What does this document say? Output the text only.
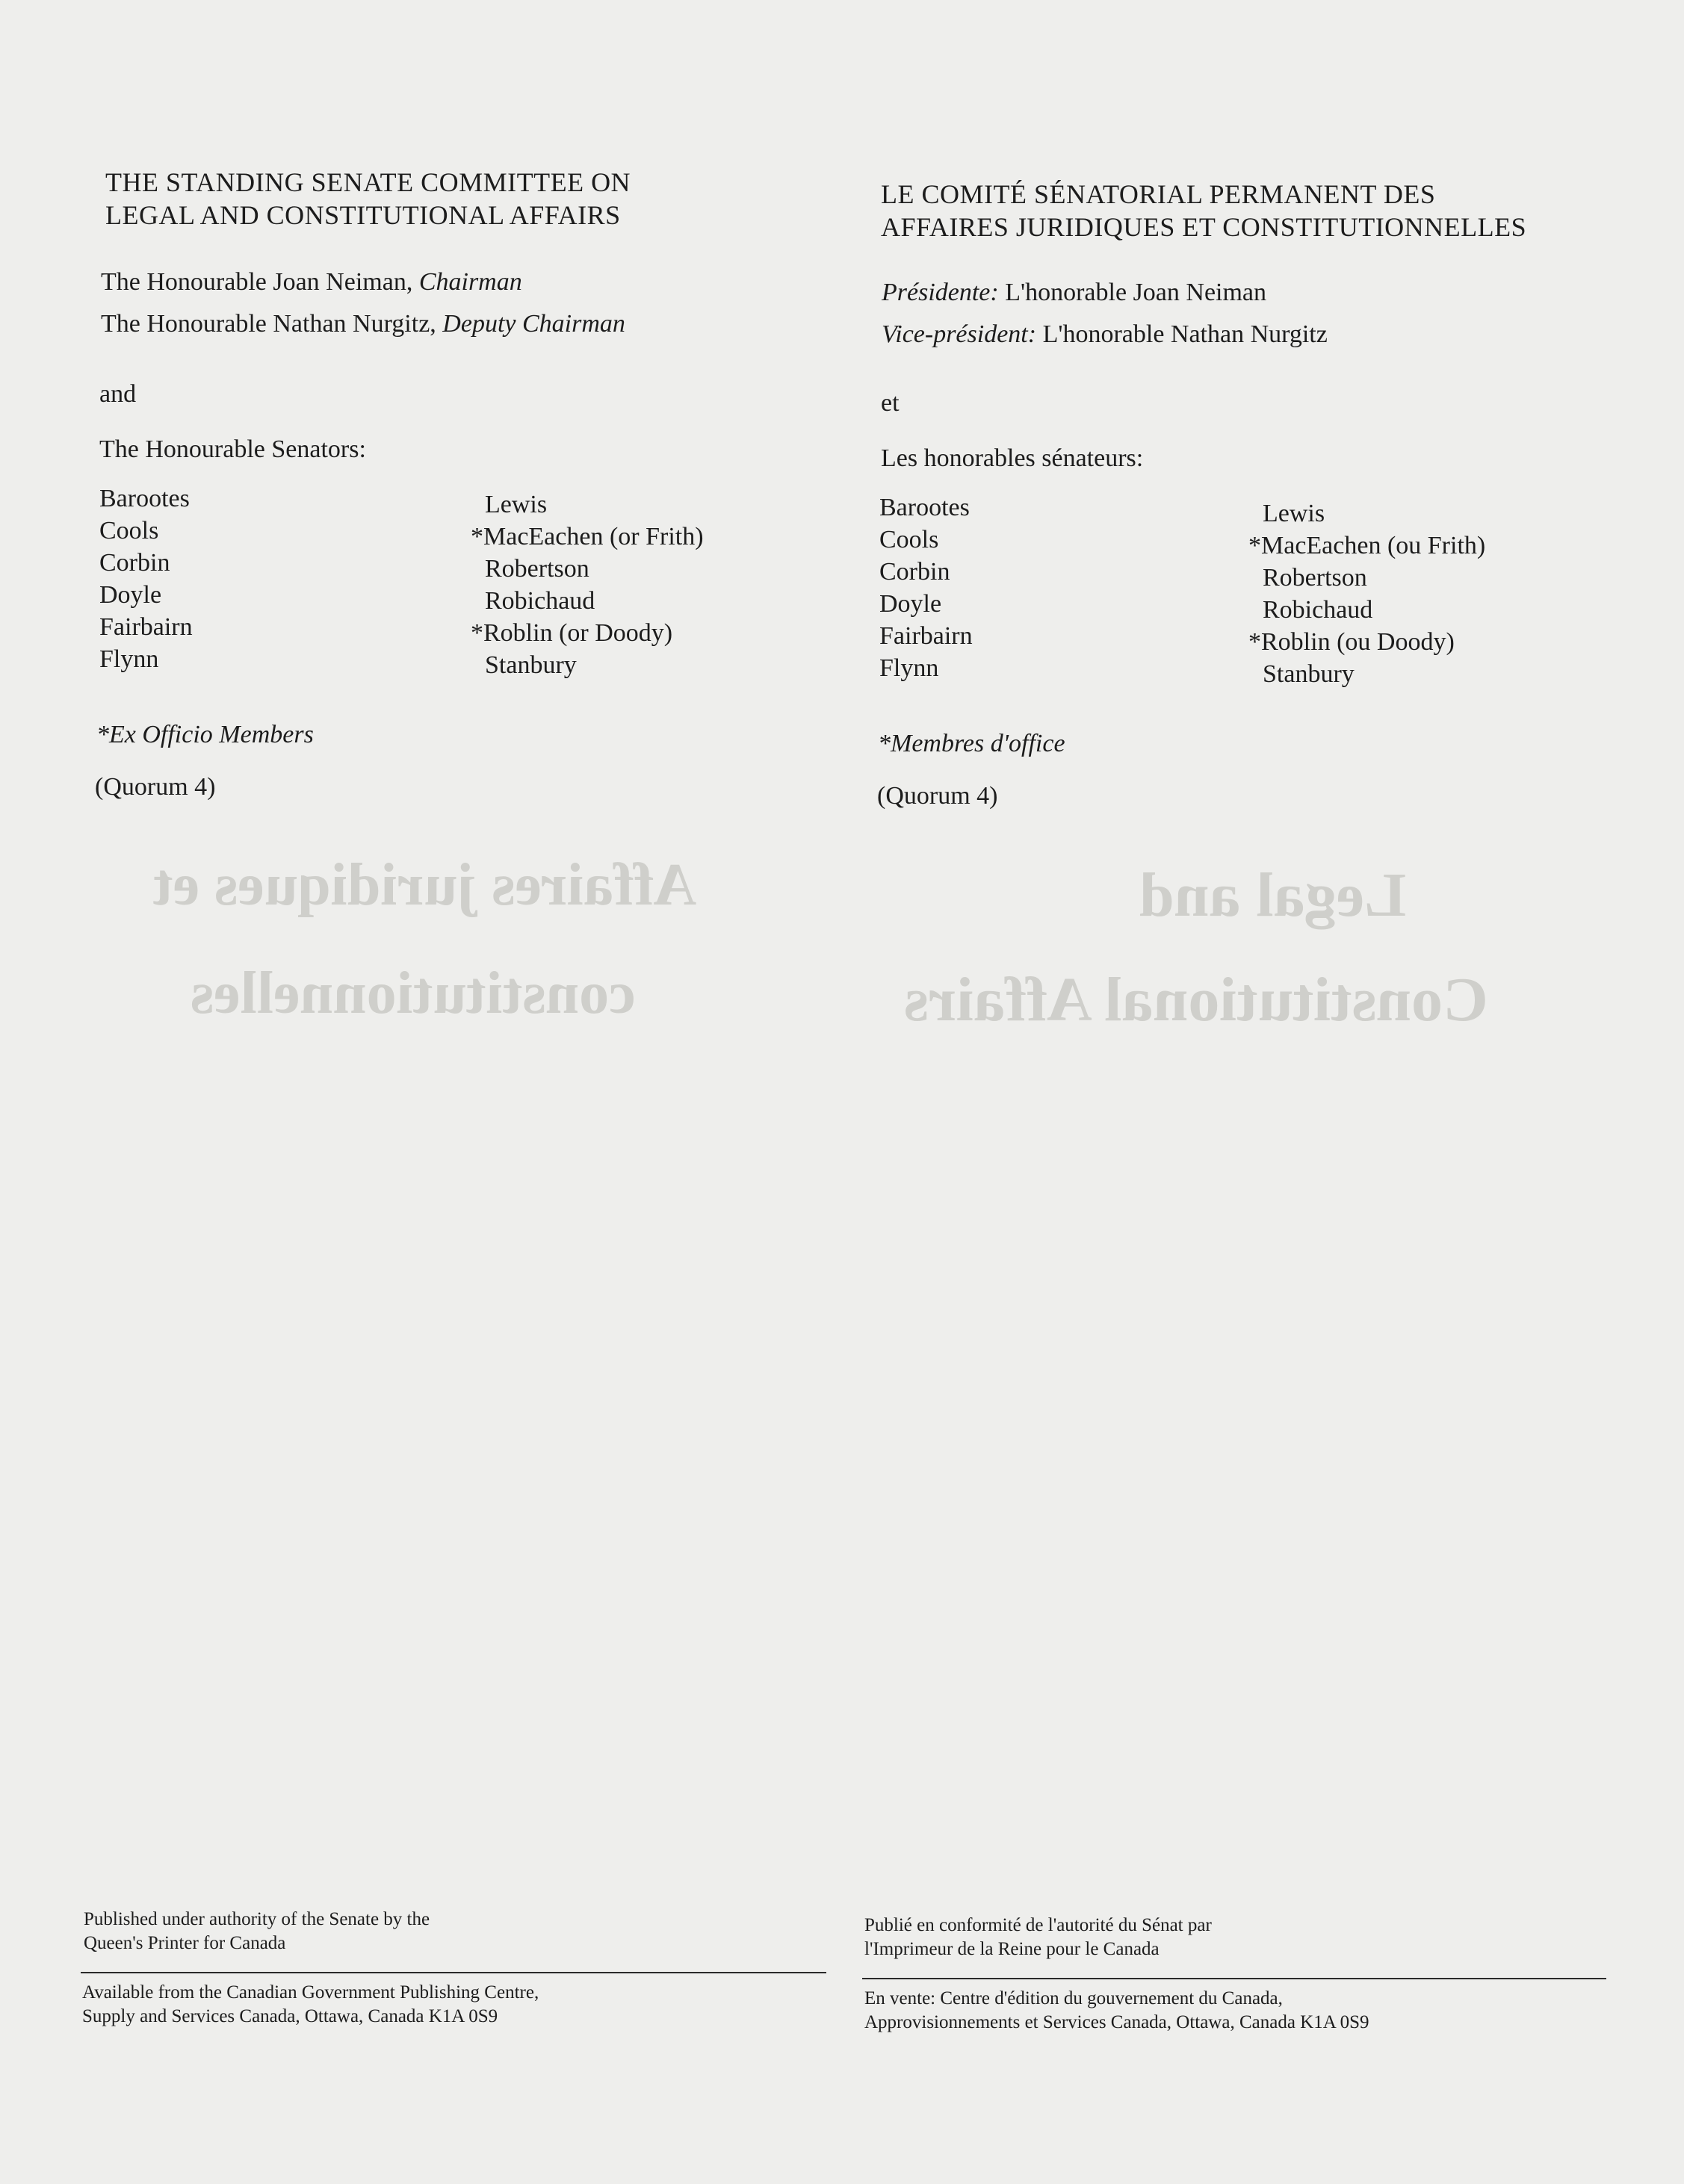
Affaires juridiques et
constitutionnelles
Legal and
Constitutional Affairs
THE STANDING SENATE COMMITTEE ON
LEGAL AND CONSTITUTIONAL AFFAIRS
The Honourable Joan Neiman, Chairman
The Honourable Nathan Nurgitz, Deputy Chairman
and
The Honourable Senators:
Barootes
Cools
Corbin
Doyle
Fairbairn
Flynn
Lewis
*MacEachen (or Frith)
Robertson
Robichaud
*Roblin (or Doody)
Stanbury
*Ex Officio Members
(Quorum 4)
LE COMITÉ SÉNATORIAL PERMANENT DES
AFFAIRES JURIDIQUES ET CONSTITUTIONNELLES
Présidente: L'honorable Joan Neiman
Vice-président: L'honorable Nathan Nurgitz
et
Les honorables sénateurs:
Barootes
Cools
Corbin
Doyle
Fairbairn
Flynn
Lewis
*MacEachen (ou Frith)
Robertson
Robichaud
*Roblin (ou Doody)
Stanbury
*Membres d'office
(Quorum 4)
Published under authority of the Senate by the
Queen's Printer for Canada
Available from the Canadian Government Publishing Centre,
Supply and Services Canada, Ottawa, Canada K1A 0S9
Publié en conformité de l'autorité du Sénat par
l'Imprimeur de la Reine pour le Canada
En vente: Centre d'édition du gouvernement du Canada,
Approvisionnements et Services Canada, Ottawa, Canada K1A 0S9
